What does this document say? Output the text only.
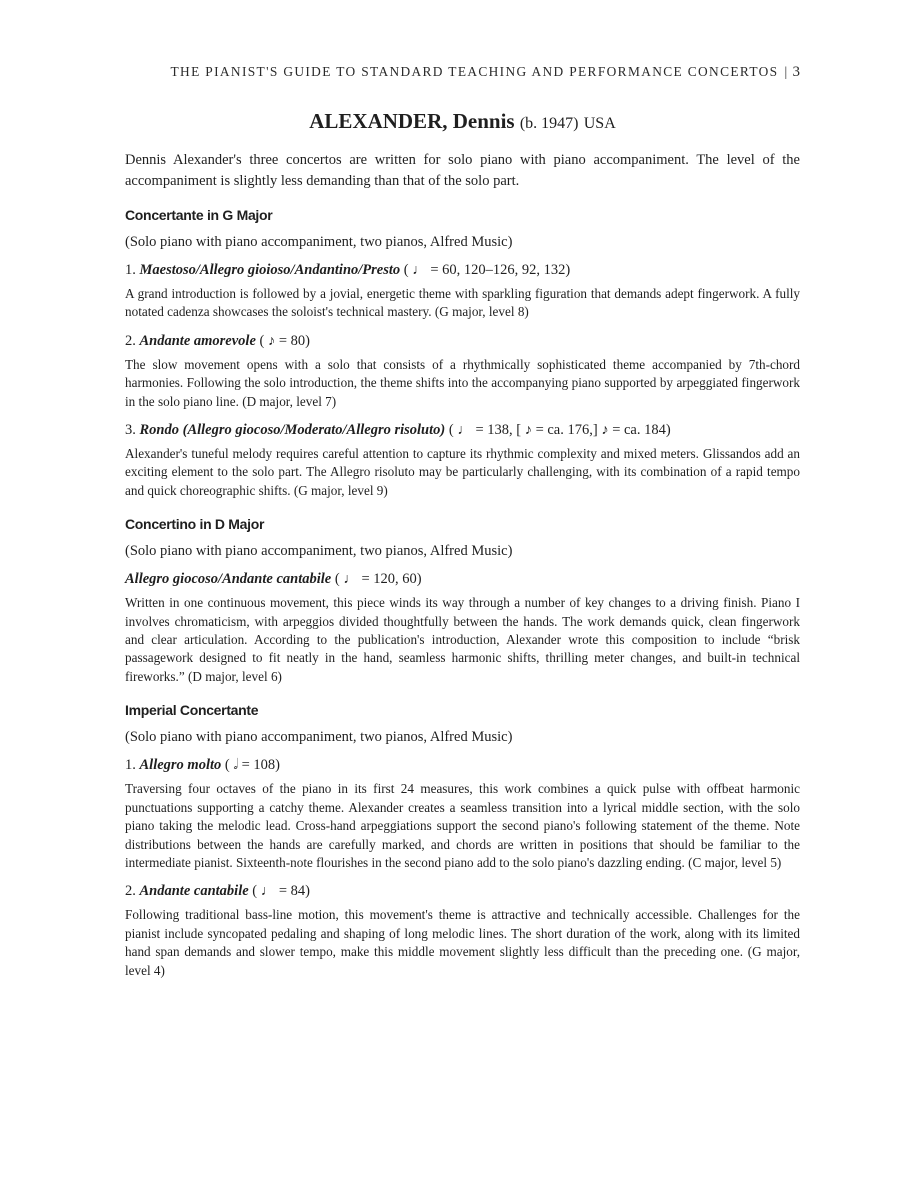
THE PIANIST'S GUIDE TO STANDARD TEACHING AND PERFORMANCE CONCERTOS | 3
ALEXANDER, Dennis (b. 1947) USA

Dennis Alexander's three concertos are written for solo piano with piano accompaniment. The level of the accompaniment is slightly less demanding than that of the solo part.

Concertante in G Major

(Solo piano with piano accompaniment, two pianos, Alfred Music)

1. Maestoso/Allegro gioioso/Andantino/Presto ( ♩ = 60, 120–126, 92, 132)

A grand introduction is followed by a jovial, energetic theme with sparkling figuration that demands adept fingerwork. A fully notated cadenza showcases the soloist's technical mastery. (G major, level 8)

2. Andante amorevole ( ♪ = 80)

The slow movement opens with a solo that consists of a rhythmically sophisticated theme accompanied by 7th-chord harmonies. Following the solo introduction, the theme shifts into the accompanying piano supported by arpeggiated fingerwork in the solo piano line. (D major, level 7)

3. Rondo (Allegro giocoso/Moderato/Allegro risoluto) ( ♩ = 138, [ ♪ = ca. 176,] ♪ = ca. 184)

Alexander's tuneful melody requires careful attention to capture its rhythmic complexity and mixed meters. Glissandos add an exciting element to the solo part. The Allegro risoluto may be particularly challenging, with its combination of a rapid tempo and quick choreographic shifts. (G major, level 9)

Concertino in D Major

(Solo piano with piano accompaniment, two pianos, Alfred Music)

Allegro giocoso/Andante cantabile ( ♩ = 120, 60)

Written in one continuous movement, this piece winds its way through a number of key changes to a driving finish. Piano I involves chromaticism, with arpeggios divided thoughtfully between the hands. The work demands quick, clean fingerwork and clear articulation. According to the publication's introduction, Alexander wrote this composition to include “brisk passagework designed to fit neatly in the hand, seamless harmonic shifts, thrilling meter changes, and built-in technical fireworks.” (D major, level 6)

Imperial Concertante

(Solo piano with piano accompaniment, two pianos, Alfred Music)

1. Allegro molto ( 𝅗𝅥 = 108)

Traversing four octaves of the piano in its first 24 measures, this work combines a quick pulse with offbeat harmonic punctuations supporting a catchy theme. Alexander creates a seamless transition into a lyrical middle section, with the solo piano taking the melodic lead. Cross-hand arpeggiations support the second piano's following statement of the theme. Note distributions between the hands are carefully marked, and chords are written in positions that should be familiar to the intermediate pianist. Sixteenth-note flourishes in the second piano add to the solo piano's dazzling ending. (C major, level 5)

2. Andante cantabile ( ♩ = 84)

Following traditional bass-line motion, this movement's theme is attractive and technically accessible. Challenges for the pianist include syncopated pedaling and shaping of long melodic lines. The short duration of the work, along with its limited hand span demands and slower tempo, make this middle movement slightly less difficult than the preceding one. (G major, level 4)
